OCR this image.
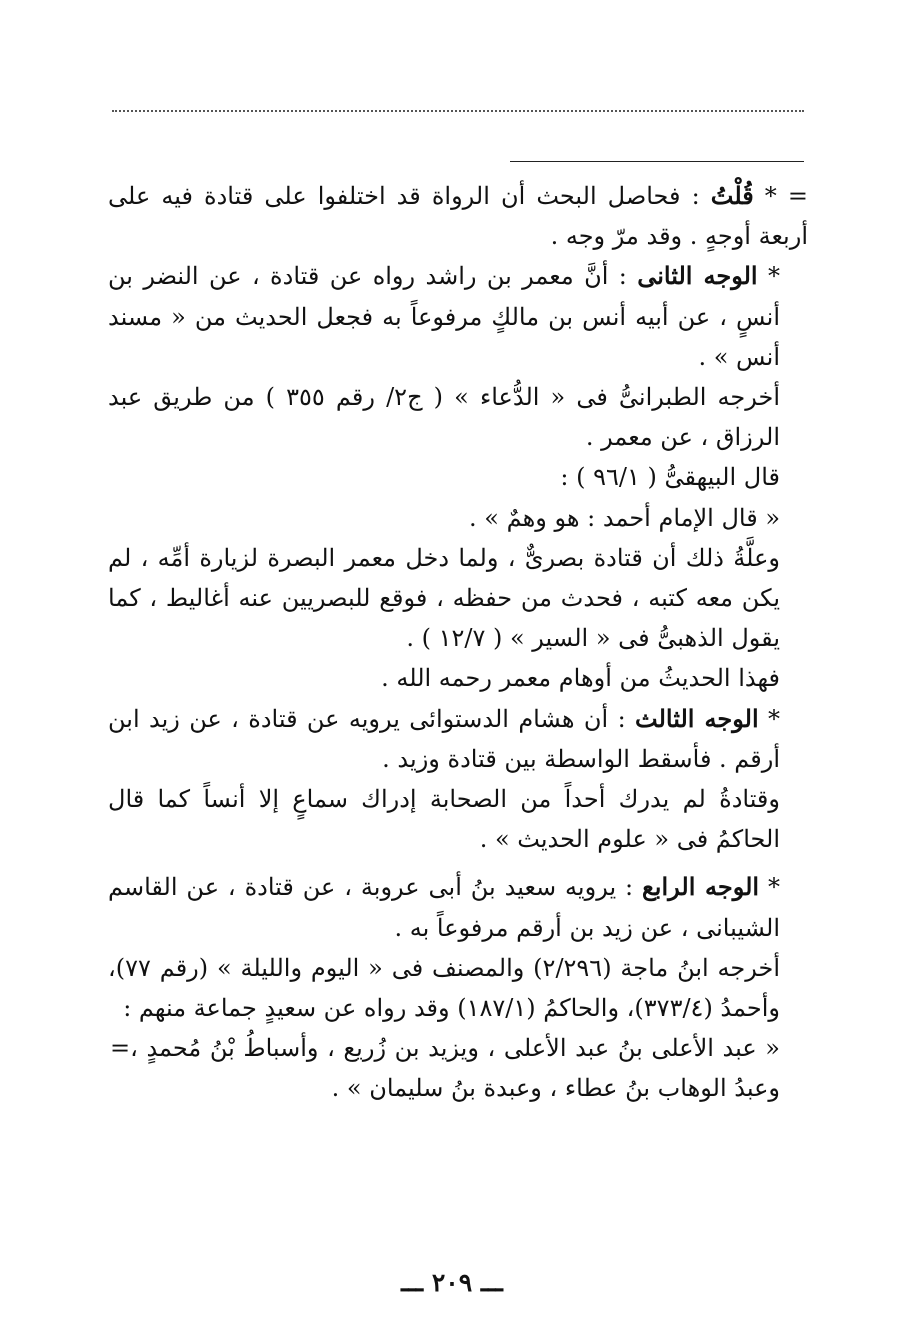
= * قُلْتُ : فحاصل البحث أن الرواة قد اختلفوا على قتادة فيه على أربعة أوجهٍ . وقد مرّ وجه .

* الوجه الثانى : أنَّ معمر بن راشد رواه عن قتادة ، عن النضر بن أنسٍ ، عن أبيه أنس بن مالكٍ مرفوعاً به فجعل الحديث من « مسند أنس » .

أخرجه الطبرانىُّ فى « الدُّعاء » ( ج٢/ رقم ٣٥٥ ) من طريق عبد الرزاق ، عن معمر .

قال البيهقىُّ ( ٩٦/١ ) :

« قال الإمام أحمد : هو وهمٌ » .

وعلَّةُ ذلك أن قتادة بصرىٌّ ، ولما دخل معمر البصرة لزيارة أمِّه ، لم يكن معه كتبه ، فحدث من حفظه ، فوقع للبصريين عنه أغاليط ، كما يقول الذهبىُّ فى « السير » ( ١٢/٧ ) .

فهذا الحديثُ من أوهام معمر رحمه الله .

* الوجه الثالث : أن هشام الدستوائى يرويه عن قتادة ، عن زيد ابن أرقم . فأسقط الواسطة بين قتادة وزيد .

وقتادةُ لم يدرك أحداً من الصحابة إدراك سماعٍ إلا أنساً كما قال الحاكمُ فى « علوم الحديث » .

* الوجه الرابع : يرويه سعيد بنُ أبى عروبة ، عن قتادة ، عن القاسم الشيبانى ، عن زيد بن أرقم مرفوعاً به .

أخرجه ابنُ ماجة (٢/٢٩٦) والمصنف فى « اليوم والليلة » (رقم ٧٧)، وأحمدُ (٣٧٣/٤)، والحاكمُ (١٨٧/١) وقد رواه عن سعيدٍ جماعة منهم :

= « عبد الأعلى بنُ عبد الأعلى ، ويزيد بن زُريع ، وأسباطُ بْنُ مُحمدٍ ، وعبدُ الوهاب بنُ عطاء ، وعبدة بنُ سليمان » .

ـــ ٢٠٩ ـــ
